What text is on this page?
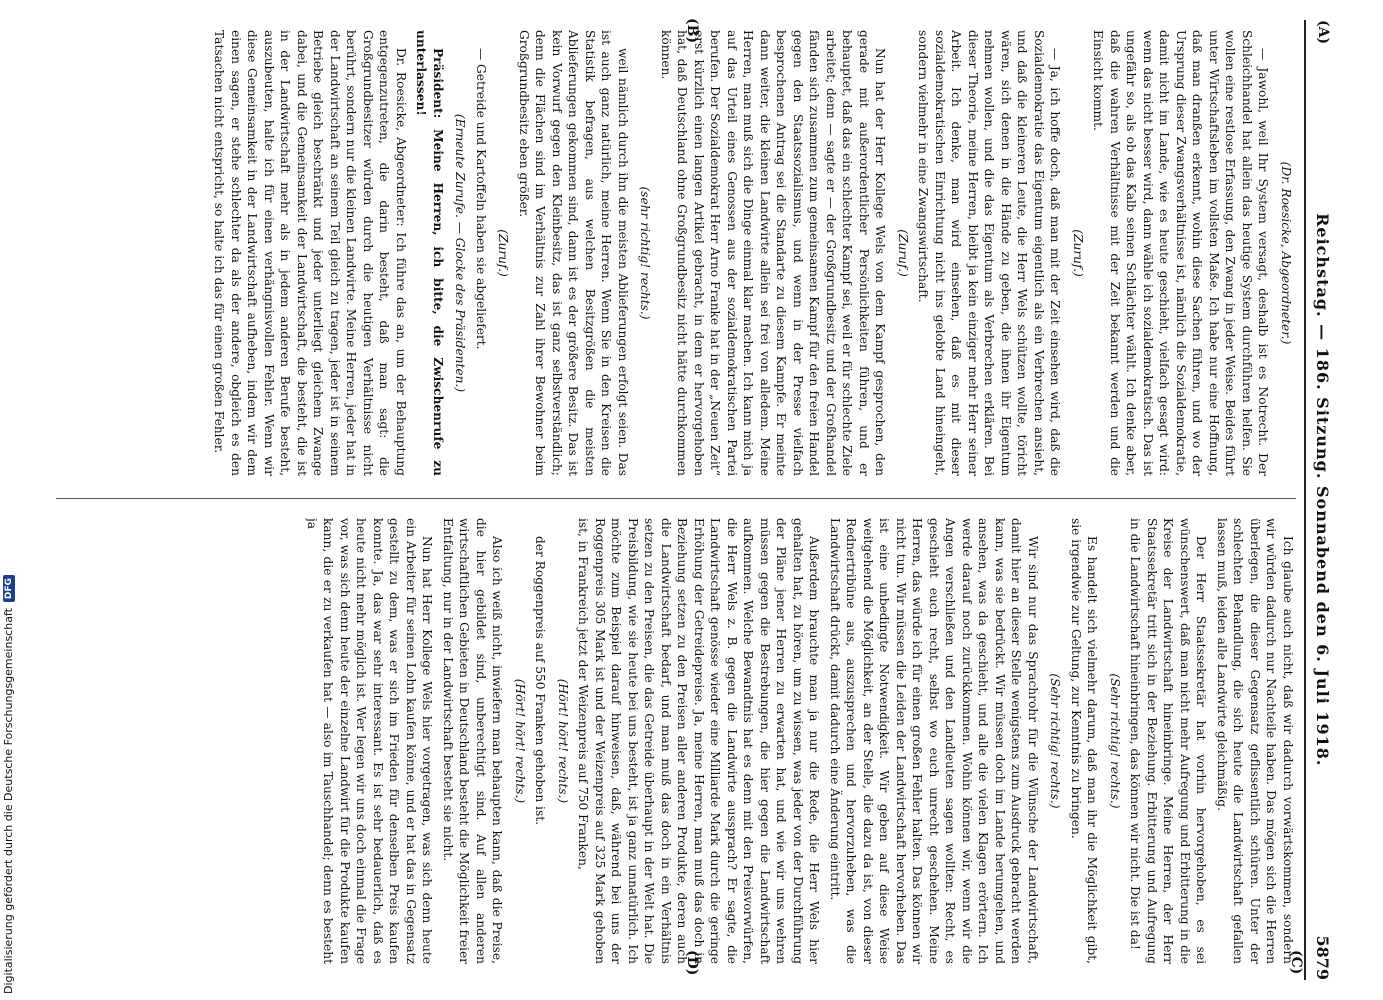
Digitalisierung gefördert durch die Deutsche Forschungsgemeinschaft
DFG
(A)
Reichstag. — 186. Sitzung. Sonnabend den 6. Juli 1918.
5879
(B)
(C)
(D)

(Dr. Roesicke, Abgeordneter.)

— Jawohl, weil Ihr System versagt, deshalb ist es Notrecht. Der Schleichhandel hat allein das heutige System durchführen helfen. Sie wollen eine restlose Erfassung, den Zwang in jeder Weise. Beides führt unter Wirtschaftsleben im vollsten Maße. Ich habe nur eine Hoffnung, daß man dranßen erkennt, wohin diese Sachen führen, und wo der Ursprung dieser Zwangsverhältnisse ist, nämlich die Sozialdemokratie, damit nicht im Lande, wie es heute geschieht, vielfach gesagt wird: wenn das nicht besser wird, dann wähle ich sozialdemokratisch. Das ist ungefähr so, als ob das Kalb seinen Schlächter wählt. Ich denke aber, daß die wahren Verhältnisse mit der Zeit bekannt werden und die Einsicht kommt.

(Zuruf.)

— Ja, ich hoffe doch, daß man mit der Zeit einsehen wird, daß die Sozialdemokratie das Eigentum eigentlich als ein Verbrechen ansieht, und daß die kleineren Leute, die Herr Wels schützen wollte, töricht wären, sich denen in die Hände zu geben, die ihnen ihr Eigentum nehmen wollen, und die das Eigentum als Verbrechen erklären. Bei dieser Theorie, meine Herren, bleibt ja kein einziger mehr Herr seiner Arbeit. Ich denke, man wird einsehen, daß es mit dieser sozialdemokratischen Einrichtung nicht ins gelobte Land hineingeht, sondern vielmehr in eine Zwangswirtschaft.

(Zuruf.)

Nun hat der Herr Kollege Wels von dem Kampf gesprochen, den gerade mit außerordentlicher Persönlichkeiten führen, und er behauptet, daß das ein schlechter Kampf sei, weil er für schlechte Ziele arbeitet; denn — sagte er — der Großgrundbesitz und der Großhandel fänden sich zusammen zum gemeinsamen Kampf für den freien Handel gegen den Staatssozialismus, und wenn in der Presse vielfach besprochenen Antrag sei die Standarte zu diesem Kampfe. Er meinte dann weiter, die kleinen Landwirte allein sei frei von alledem. Meine Herren, man muß sich die Dinge einmal klar machen. Ich kann mich ja auf das Urteil eines Genossen aus der sozialdemokratischen Partei berufen. Der Sozialdemokrat Herr Arno Franke hat in der „Neuen Zeit“ erst kürzlich einen langen Artikel gebracht, in dem er hervorgehoben hat, daß Deutschland ohne Großgrundbesitz nicht hätte durchkommen können.

(sehr richtig! rechts.)

weil nämlich durch ihn die meisten Ablieferungen erfolgt seien. Das ist auch ganz natürlich, meine Herren. Wenn Sie in den Kreisen die Statistik befragen, aus welchen Besitzgrößen die meisten Ablieferungen gekommen sind, dann ist es der größere Besitz. Das ist kein Vorwurf gegen den Kleinbesitz, das ist ganz selbstverständlich; denn die Flächen sind im Verhältnis zur Zahl ihrer Bewohner beim Großgrundbesitz eben größer.

(Zuruf.)

— Getreide und Kartoffeln haben sie abgeliefert.

(Erneute Zurufe. — Glocke des Präsidenten.)

Präsident: Meine Herren, ich bitte, die Zwischenrufe zu unterlassen!

Dr. Roesicke, Abgeordneter: Ich führe das an, um der Behauptung entgegenzutreten, die darin besteht, daß man sagt: die Großgrundbesitzer würden durch die heutigen Verhältnisse nicht berührt, sondern nur die kleinen Landwirte. Meine Herren, jeder hat in der Landwirtschaft an seinem Teil gleich zu tragen, jeder ist in seinem Betriebe gleich beschränkt und jeder unterliegt gleichem Zwange dabei, und die Gemeinsamkeit der Landwirtschaft, die besteht, die ist in der Landwirtschaft mehr als in jedem anderen Berufe besteht, auszubeuten, halte ich für einen verhängnisvollen Fehler. Wenn wir diese Gemeinsamkeit in der Landwirtschaft aufheben, indem wir dem einen sagen, er stehe schlechter da als der andere, obgleich es den Tatsachen nicht entspricht, so halte ich das für einen großen Fehler.

Ich glaube auch nicht, daß wir dadurch vorwärtskommen, sondern wir würden dadurch nur Nachteile haben. Das mögen sich die Herren überlegen, die dieser Gegensatz geflissentlich schüren. Unter der schlechten Behandlung, die sich heute die Landwirtschaft gefallen lassen muß, leiden alle Landwirte gleichmäßig.

Der Herr Staatssekretär hat vorhin hervorgehoben, es sei wünschenswert, daß man nicht mehr Aufregung und Erbitterung in die Kreise der Landwirtschaft hineinbringe. Meine Herren, der Herr Staatssekretär tritt sich in der Beziehung. Erbitterung und Aufregung in die Landwirtschaft hineinbringen, das können wir nicht. Die ist da!

(Sehr richtig! rechts.)

Es handelt sich vielmehr darum, daß man ihr die Möglichkeit gibt, sie irgendwie zur Geltung, zur Kenntnis zu bringen.

(Sehr richtig! rechts.)

Wir sind nur das Sprachrohr für die Wünsche der Landwirtschaft, damit hier an dieser Stelle wenigstens zum Ausdruck gebracht werden kann, was sie bedrückt. Wir müssen doch im Lande herumgehen, und ansehen, was da geschieht, und alle die vielen Klagen erörtern. Ich werde darauf noch zurückkommen. Wohin können wir, wenn wir die Angen verschließen und den Landleuten sagen wollten: Recht, es geschieht euch recht, selbst wo euch unrecht geschehen. Meine Herren, das würde ich für einen großen Fehler halten. Das können wir nicht tun. Wir müssen die Leiden der Landwirtschaft hervorheben. Das ist eine unbedingte Notwendigkeit. Wir geben auf diese Weise weitgehend die Möglichkeit, an der Stelle, die dazu da ist, von dieser Rednertribüne aus, auszusprechen und hervorzuheben, was die Landwirtschaft drückt, damit dadurch eine Änderung eintritt.

Außerdem brauchte man ja nur die Rede, die Herr Wels hier gehalten hat, zu hören, um zu wissen, was jeder von der Durchführung der Pläne jener Herren zu erwarten hat, und wie wir uns wehren müssen gegen die Bestrebungen, die hier gegen die Landwirtschaft aufkommen. Welche Bewandtnis hat es denn mit den Preisvorwürfen, die Herr Wels z. B. gegen die Landwirte aussprach? Er sagte, die Landwirtschaft genösse wieder eine Milliarde Mark durch die geringe Erhöhung der Getreidepreise. Ja, meine Herren, man muß das doch in Beziehung setzen zu den Preisen aller anderen Produkte, deren auch die Landwirtschaft bedarf, und man muß das doch in ein Verhältnis setzen zu den Preisen, die das Getreide überhaupt in der Welt hat. Die Preisbildung, wie sie heute bei uns besteht, ist ja ganz unnatürlich. Ich möchte zum Beispiel darauf hinweisen, daß, während bei uns der Roggenpreis 305 Mark ist und der Weizenpreis auf 325 Mark gehoben ist, in Frankreich jetzt der Weizenpreis auf 750 Franken,

(Hört! hört! rechts.)

der Roggenpreis auf 550 Franken gehoben ist.

(Hört! hört! rechts.)

Also ich weiß nicht, inwiefern man behaupten kann, daß die Preise, die hier gebildet sind, unberechtigt sind. Auf allen anderen wirtschaftlichen Gebieten in Deutschland besteht die Möglichkeit freier Entfaltung, nur in der Landwirtschaft besteht sie nicht.

Nun hat Herr Kollege Wels hier vorgetragen, was sich denn heute ein Arbeiter für seinen Lohn kaufen könne, und er hat das in Gegensatz gestellt zu dem, was er sich im Frieden für denselben Preis kaufen konnte. Ja, das war sehr interessant. Es ist sehr bedauerlich, daß es heute nicht mehr möglich ist. Wer legen wir uns doch einmal die Frage vor, was sich denn heute der einzelne Landwirt für die Produkte kaufen kann, die er zu verkaufen hat — also im Tauschhandel; denn es besteht ja
